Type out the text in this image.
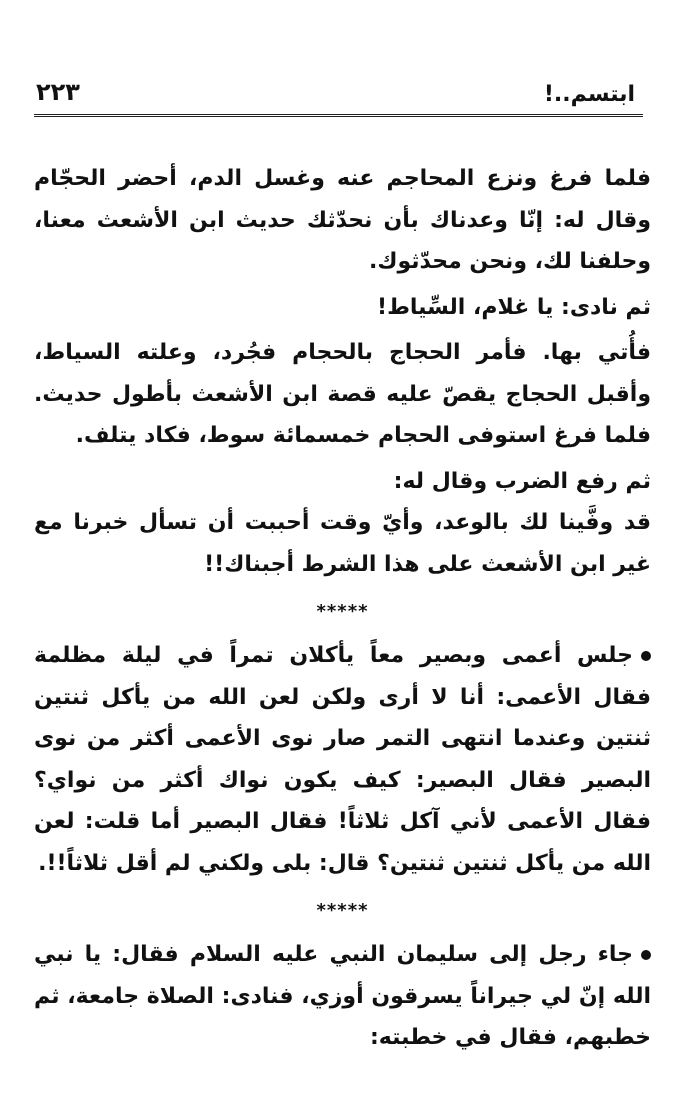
ابتسم..!
٢٢٣

فلما فرغ ونزع المحاجم عنه وغسل الدم، أحضر الحجّام وقال له: إنّا وعدناك بأن نحدّثك حديث ابن الأشعث معنا، وحلفنا لك، ونحن محدّثوك.

ثم نادى: يا غلام، السِّياط!

فأُتي بها. فأمر الحجاج بالحجام فجُرد، وعلته السياط، وأقبل الحجاج يقصّ عليه قصة ابن الأشعث بأطول حديث. فلما فرغ استوفى الحجام خمسمائة سوط، فكاد يتلف.

ثم رفع الضرب وقال له:

قد وفَّينا لك بالوعد، وأيّ وقت أحببت أن تسأل خبرنا مع غير ابن الأشعث على هذا الشرط أجبناك!!

*****

جلس أعمى وبصير معاً يأكلان تمراً في ليلة مظلمة فقال الأعمى: أنا لا أرى ولكن لعن الله من يأكل ثنتين ثنتين وعندما انتهى التمر صار نوى الأعمى أكثر من نوى البصير فقال البصير: كيف يكون نواك أكثر من نواي؟ فقال الأعمى لأني آكل ثلاثاً! فقال البصير أما قلت: لعن الله من يأكل ثنتين ثنتين؟ قال: بلى ولكني لم أقل ثلاثاً!!.

*****

جاء رجل إلى سليمان النبي عليه السلام فقال: يا نبي الله إنّ لي جيراناً يسرقون أوزي، فنادى: الصلاة جامعة، ثم خطبهم، فقال في خطبته:
